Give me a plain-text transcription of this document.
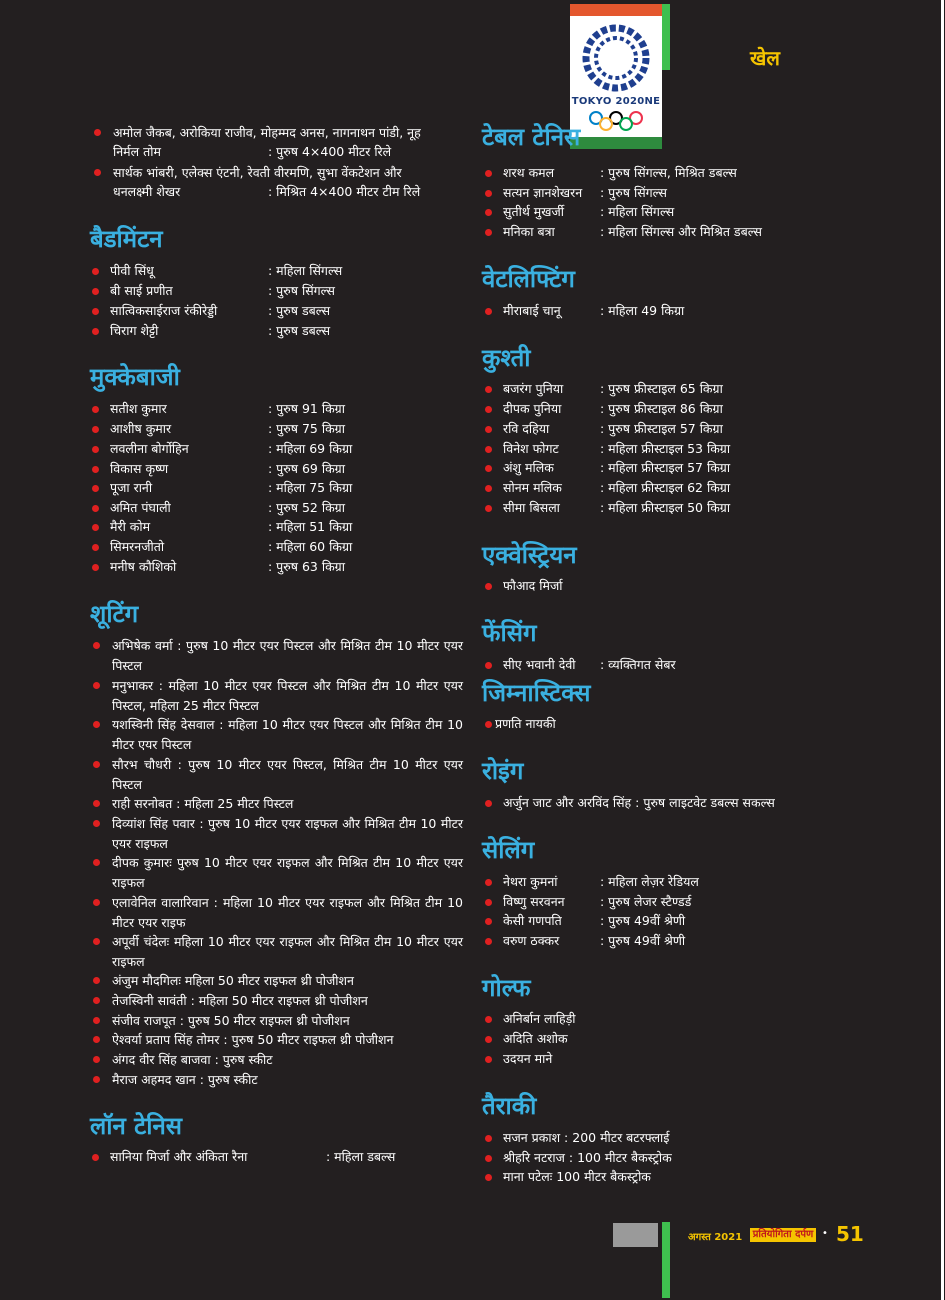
TOKYO 2020NE
खेल
अमोल जैकब, अरोकिया राजीव, मोहम्मद अनस, नागनाथन पांडी, नूह
निर्मल तोम	: पुरुष 4×400 मीटर रिले
सार्थक भांबरी, एलेक्स एंटनी, रेवती वीरमणि, सुभा वेंकटेशन और
धनलक्ष्मी शेखर	: मिश्रित 4×400 मीटर टीम रिले
बैडमिंटन
पीवी सिंधू	: महिला सिंगल्स
बी साई प्रणीत	: पुरुष सिंगल्स
सात्विकसाईराज रंकीरेड्डी	: पुरुष डबल्स
चिराग शेट्टी	: पुरुष डबल्स
मुक्केबाजी
सतीश कुमार	: पुरुष 91 किग्रा
आशीष कुमार	: पुरुष 75 किग्रा
लवलीना बोर्गोहिन	: महिला 69 किग्रा
विकास कृष्ण	: पुरुष 69 किग्रा
पूजा रानी	: महिला 75 किग्रा
अमित पंघाली	: पुरुष 52 किग्रा
मैरी कोम	: महिला 51 किग्रा
सिमरनजीतो	: महिला 60 किग्रा
मनीष कौशिको	: पुरुष 63 किग्रा
शूटिंग
अभिषेक वर्मा : पुरुष 10 मीटर एयर पिस्टल और मिश्रित टीम 10 मीटर एयर पिस्टल
मनुभाकर : महिला 10 मीटर एयर पिस्टल और मिश्रित टीम 10 मीटर एयर पिस्टल, महिला 25 मीटर पिस्टल
यशस्विनी सिंह देसवाल : महिला 10 मीटर एयर पिस्टल और मिश्रित टीम 10 मीटर एयर पिस्टल
सौरभ चौधरी : पुरुष 10 मीटर एयर पिस्टल, मिश्रित टीम 10 मीटर एयर पिस्टल
राही सरनोबत : महिला 25 मीटर पिस्टल
दिव्यांश सिंह पवार : पुरुष 10 मीटर एयर राइफल और मिश्रित टीम 10 मीटर एयर राइफल
दीपक कुमारः पुरुष 10 मीटर एयर राइफल और मिश्रित टीम 10 मीटर एयर राइफल
एलावेनिल वालारिवान : महिला 10 मीटर एयर राइफल और मिश्रित टीम 10 मीटर एयर राइफ
अपूर्वी चंदेलः महिला 10 मीटर एयर राइफल और मिश्रित टीम 10 मीटर एयर राइफल
अंजुम मौदगिलः महिला 50 मीटर राइफल थ्री पोजीशन
तेजस्विनी सावंती : महिला 50 मीटर राइफल थ्री पोजीशन
संजीव राजपूत : पुरुष 50 मीटर राइफल थ्री पोजीशन
ऐश्वर्या प्रताप सिंह तोमर : पुरुष 50 मीटर राइफल थ्री पोजीशन
अंगद वीर सिंह बाजवा : पुरुष स्कीट
मैराज अहमद खान : पुरुष स्कीट
लॉन टेनिस
सानिया मिर्जा और अंकिता रैना	: महिला डबल्स
टेबल टेनिस
शरथ कमल	: पुरुष सिंगल्स, मिश्रित डबल्स
सत्यन ज्ञानशेखरन : पुरुष सिंगल्स
सुतीर्थ मुखर्जी	: महिला सिंगल्स
मनिका बत्रा	: महिला सिंगल्स और मिश्रित डबल्स
वेटलिफ्टिंग
मीराबाई चानू	: महिला 49 किग्रा
कुश्ती
बजरंग पुनिया	: पुरुष फ्रीस्टाइल 65 किग्रा
दीपक पुनिया	: पुरुष फ्रीस्टाइल 86 किग्रा
रवि दहिया	: पुरुष फ्रीस्टाइल 57 किग्रा
विनेश फोगट	: महिला फ्रीस्टाइल 53 किग्रा
अंशु मलिक	: महिला फ्रीस्टाइल 57 किग्रा
सोनम मलिक	: महिला फ्रीस्टाइल 62 किग्रा
सीमा बिसला	: महिला फ्रीस्टाइल 50 किग्रा
एक्वेस्ट्रियन
फौआद मिर्जा
फेंसिंग
सीए भवानी देवी : व्यक्तिगत सेबर
जिम्नास्टिक्स
प्रणति नायकी
रोइंग
अर्जुन जाट और अरविंद सिंह : पुरुष लाइटवेट डबल्स सकल्स
सेलिंग
नेथरा कुमनां	: महिला लेज़र रेडियल
विष्णु सरवनन	: पुरुष लेजर स्टैण्डर्ड
केसी गणपति	: पुरुष 49वीं श्रेणी
वरुण ठक्कर	: पुरुष 49वीं श्रेणी
गोल्फ
अनिर्बान लाहिड़ी
अदिति अशोक
उदयन माने
तैराकी
सजन प्रकाश : 200 मीटर बटरफ्लाई
श्रीहरि नटराज : 100 मीटर बैकस्ट्रोक
माना पटेलः 100 मीटर बैकस्ट्रोक
अगस्त 2021 प्रतियोगिता दर्पण • 51
